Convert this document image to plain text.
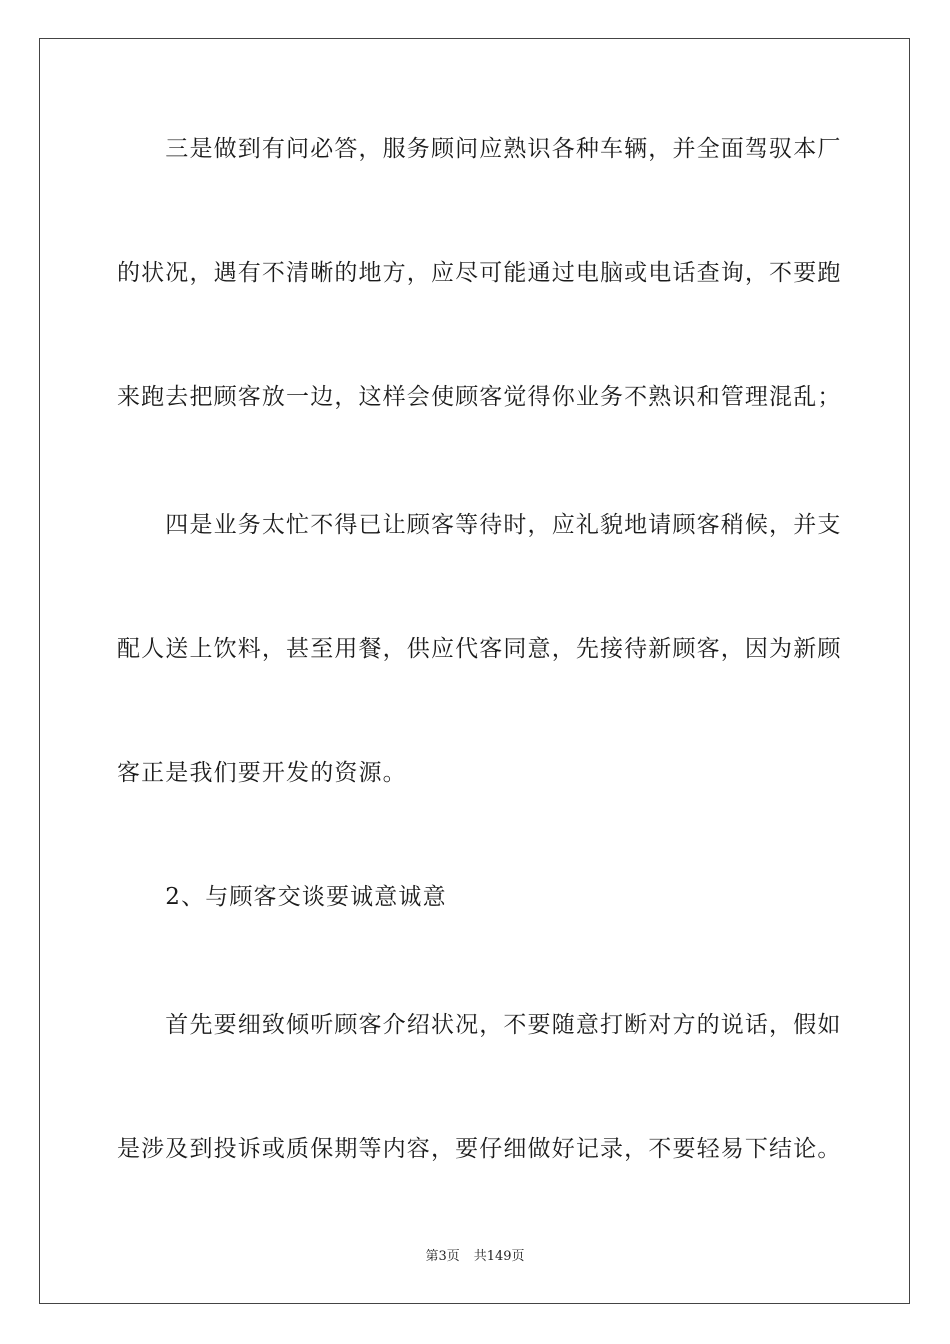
　　三是做到有问必答，服务顾问应熟识各种车辆，并全面驾驭本厂
的状况，遇有不清晰的地方，应尽可能通过电脑或电话查询，不要跑
来跑去把顾客放一边，这样会使顾客觉得你业务不熟识和管理混乱；
　　四是业务太忙不得已让顾客等待时，应礼貌地请顾客稍候，并支
配人送上饮料，甚至用餐，供应代客同意，先接待新顾客，因为新顾
客正是我们要开发的资源。
　　2、与顾客交谈要诚意诚意
　　首先要细致倾听顾客介绍状况，不要随意打断对方的说话，假如
是涉及到投诉或质保期等内容，要仔细做好记录，不要轻易下结论。
第3页 共149页
